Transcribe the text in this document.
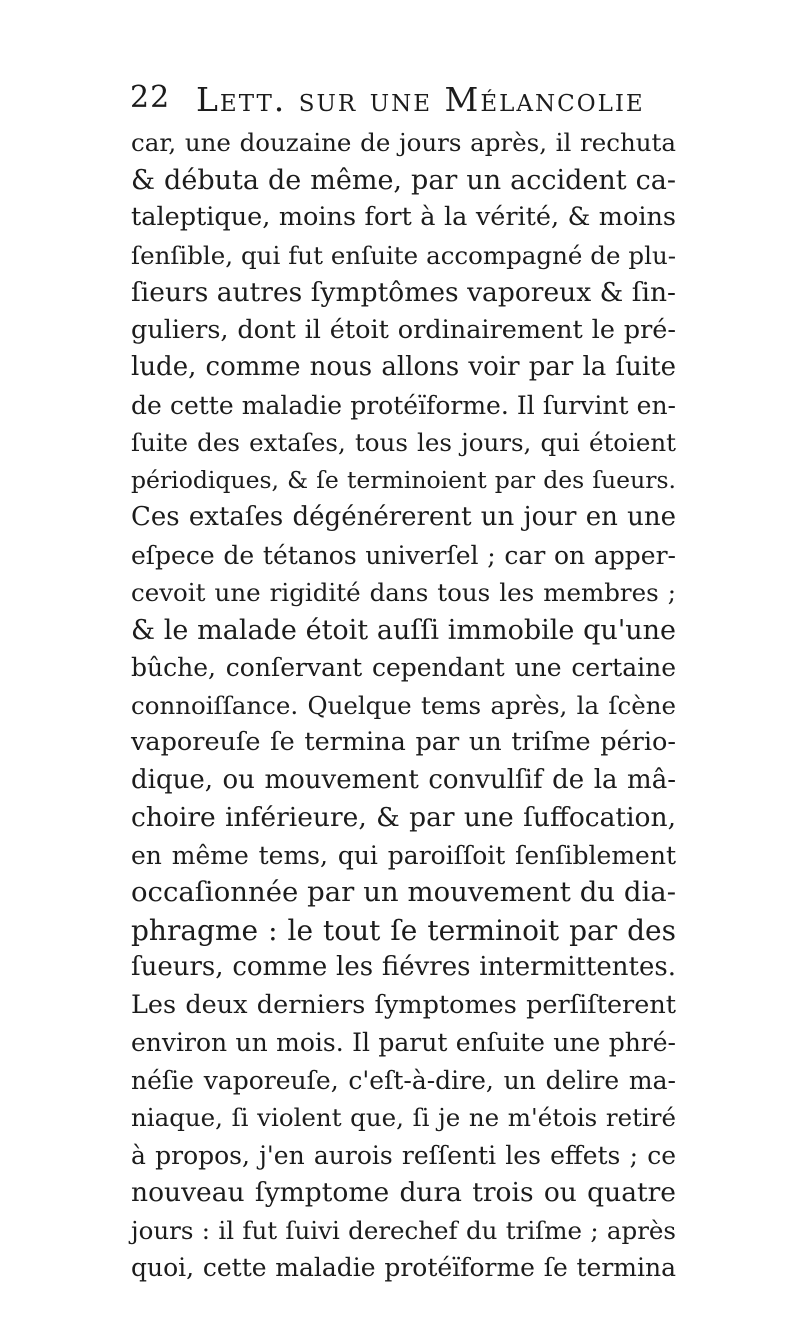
22 Lett. sur une Mélancolie
car, une douzaine de jours après, il rechuta
& débuta de même, par un accident ca-
taleptique, moins fort à la vérité, & moins
ſenſible, qui fut enſuite accompagné de plu-
ſieurs autres ſymptômes vaporeux & ſin-
guliers, dont il étoit ordinairement le pré-
lude, comme nous allons voir par la ſuite
de cette maladie protéïforme. Il ſurvint en-
ſuite des extaſes, tous les jours, qui étoient
périodiques, & ſe terminoient par des ſueurs.
Ces extaſes dégénérerent un jour en une
eſpece de tétanos univerſel ; car on apper-
cevoit une rigidité dans tous les membres ;
& le malade étoit auſſi immobile qu'une
bûche, conſervant cependant une certaine
connoiſſance. Quelque tems après, la ſcène
vaporeuſe ſe termina par un triſme pério-
dique, ou mouvement convulſif de la mâ-
choire inférieure, & par une ſuffocation,
en même tems, qui paroiſſoit ſenſiblement
occaſionnée par un mouvement du dia-
phragme : le tout ſe terminoit par des
ſueurs, comme les fiévres intermittentes.
Les deux derniers ſymptomes perſiſterent
environ un mois. Il parut enſuite une phré-
néſie vaporeuſe, c'eſt-à-dire, un delire ma-
niaque, ſi violent que, ſi je ne m'étois retiré
à propos, j'en aurois reſſenti les effets ; ce
nouveau ſymptome dura trois ou quatre
jours : il fut ſuivi derechef du triſme ; après
quoi, cette maladie protéïforme ſe termina
